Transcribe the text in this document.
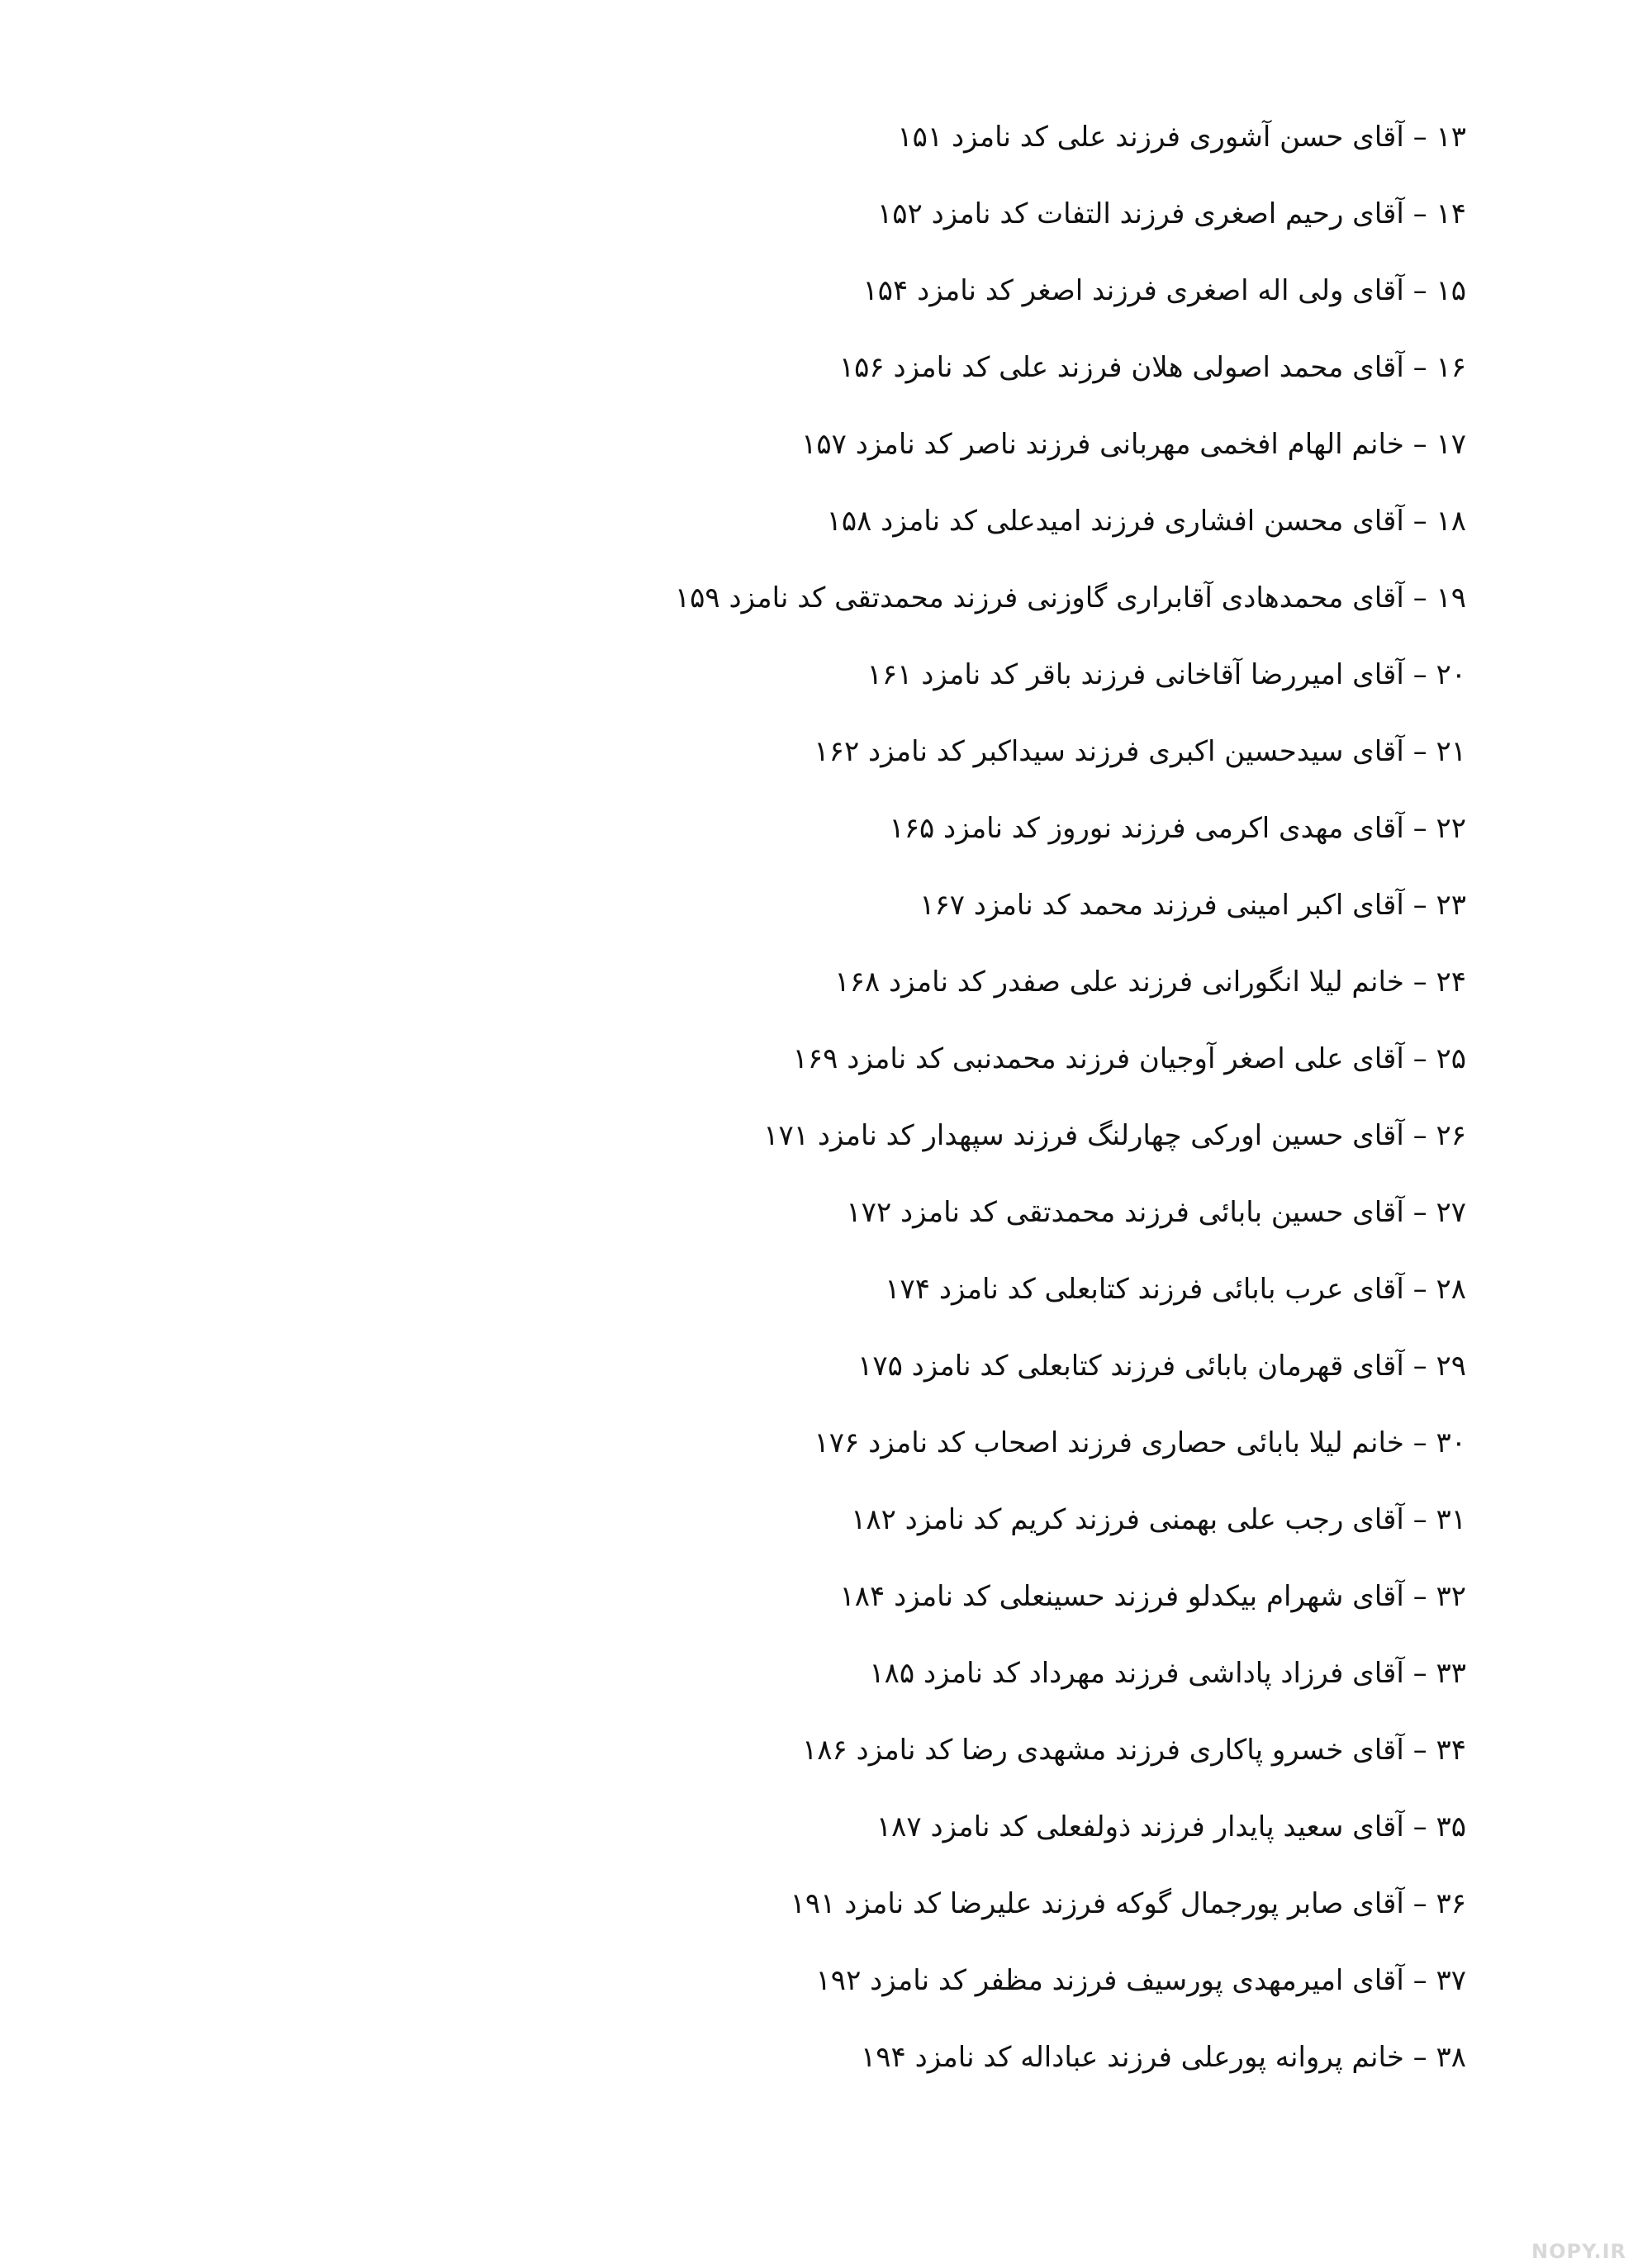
۱۳ – آقای حسن آشوری فرزند علی کد نامزد ۱۵۱
۱۴ – آقای رحیم اصغری فرزند التفات کد نامزد ۱۵۲
۱۵ – آقای ولی اله اصغری فرزند اصغر کد نامزد ۱۵۴
۱۶ – آقای محمد اصولی هلان فرزند علی کد نامزد ۱۵۶
۱۷ – خانم الهام افخمی مهربانی فرزند ناصر کد نامزد ۱۵۷
۱۸ – آقای محسن افشاری فرزند امیدعلی کد نامزد ۱۵۸
۱۹ – آقای محمدهادی آقابراری گاوزنی فرزند محمدتقی کد نامزد ۱۵۹
۲۰ – آقای امیررضا آقاخانی فرزند باقر کد نامزد ۱۶۱
۲۱ – آقای سیدحسین اکبری فرزند سیداکبر کد نامزد ۱۶۲
۲۲ – آقای مهدی اکرمی فرزند نوروز کد نامزد ۱۶۵
۲۳ – آقای اکبر امینی فرزند محمد کد نامزد ۱۶۷
۲۴ – خانم لیلا انگورانی فرزند علی صفدر کد نامزد ۱۶۸
۲۵ – آقای علی اصغر آوجیان فرزند محمدنبی کد نامزد ۱۶۹
۲۶ – آقای حسین اورکی چهارلنگ فرزند سپهدار کد نامزد ۱۷۱
۲۷ – آقای حسین بابائی فرزند محمدتقی کد نامزد ۱۷۲
۲۸ – آقای عرب بابائی فرزند کتابعلی کد نامزد ۱۷۴
۲۹ – آقای قهرمان بابائی فرزند کتابعلی کد نامزد ۱۷۵
۳۰ – خانم لیلا بابائی حصاری فرزند اصحاب کد نامزد ۱۷۶
۳۱ – آقای رجب علی بهمنی فرزند کریم کد نامزد ۱۸۲
۳۲ – آقای شهرام بیکدلو فرزند حسینعلی کد نامزد ۱۸۴
۳۳ – آقای فرزاد پاداشی فرزند مهرداد کد نامزد ۱۸۵
۳۴ – آقای خسرو پاکاری فرزند مشهدی رضا کد نامزد ۱۸۶
۳۵ – آقای سعید پایدار فرزند ذولفعلی کد نامزد ۱۸۷
۳۶ – آقای صابر پورجمال گوکه فرزند علیرضا کد نامزد ۱۹۱
۳۷ – آقای امیرمهدی پورسیف فرزند مظفر کد نامزد ۱۹۲
۳۸ – خانم پروانه پورعلی فرزند عباداله کد نامزد ۱۹۴
NOPY.IR
